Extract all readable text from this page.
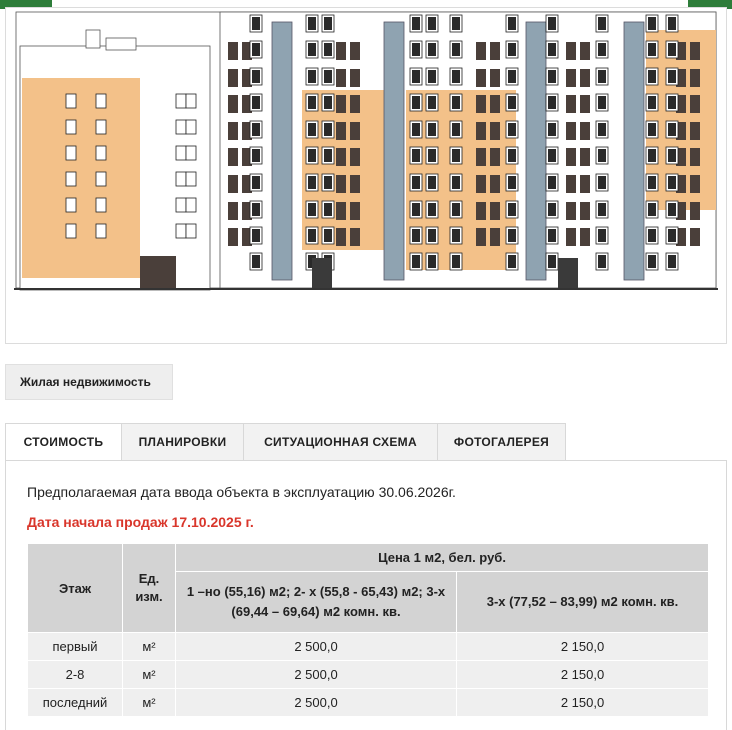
Жилая недвижимость
СТОИМОСТЬ	ПЛАНИРОВКИ	СИТУАЦИОННАЯ СХЕМА	ФОТОГАЛЕРЕЯ
Предполагаемая дата ввода объекта в эксплуатацию 30.06.2026г.
Дата начала продаж 17.10.2025 г.
Этаж	Ед. изм.	Цена 1 м2, бел. руб.	
		1 –но (55,16) м2; 2- х (55,8 - 65,43) м2; 3-х (69,44 – 69,64) м2 комн. кв.	3-х (77,52 – 83,99) м2 комн. кв.
первый	м²	2 500,0	2 150,0
2-8	м²	2 500,0	2 150,0
последний	м²	2 500,0	2 150,0
